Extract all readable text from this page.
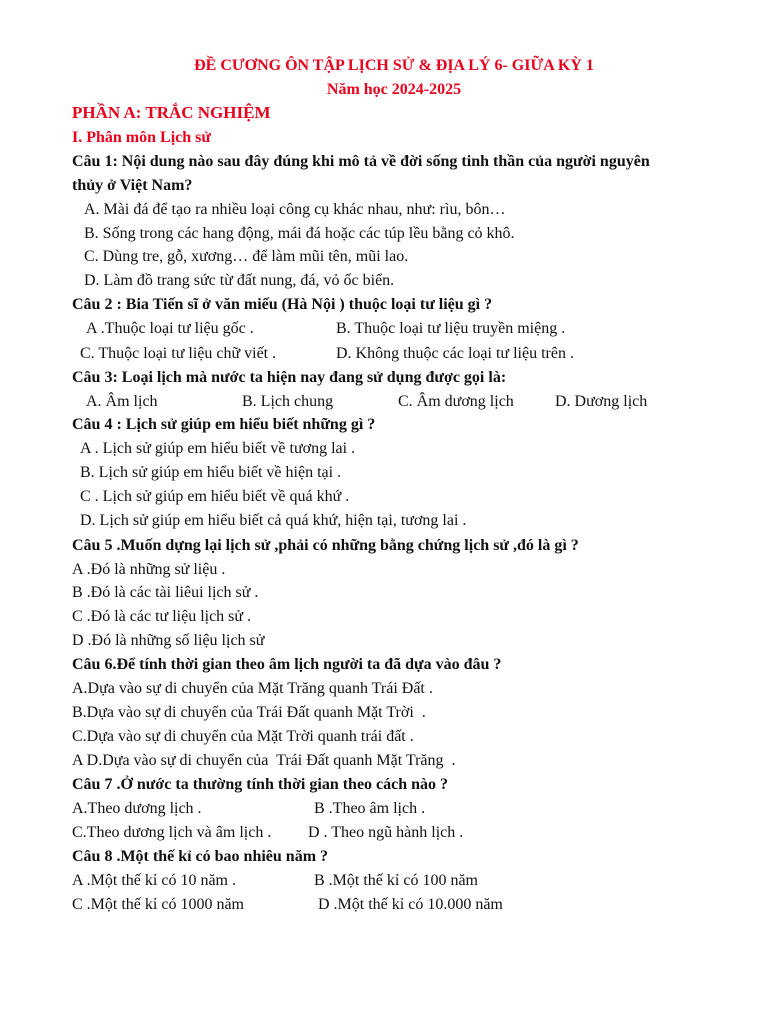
ĐỀ CƯƠNG ÔN TẬP LỊCH SỬ & ĐỊA LÝ 6- GIỮA KỲ 1
Năm học 2024-2025
PHẦN A: TRẮC NGHIỆM
I. Phân môn Lịch sử
Câu 1: Nội dung nào sau đây đúng khi mô tả về đời sống tinh thần của người nguyên
thủy ở Việt Nam?
A. Mài đá để tạo ra nhiều loại công cụ khác nhau, như: rìu, bôn…
B. Sống trong các hang động, mái đá hoặc các túp lều bằng cỏ khô.
C. Dùng tre, gỗ, xương… để làm mũi tên, mũi lao.
D. Làm đồ trang sức từ đất nung, đá, vỏ ốc biển.
Câu 2 : Bia Tiến sĩ ở văn miếu (Hà Nội ) thuộc loại tư liệu gì ?
A .Thuộc loại tư liệu gốc .	B. Thuộc loại tư liệu truyền miệng .
C. Thuộc loại tư liệu chữ viết .	D. Không thuộc các loại tư liệu trên .
Câu 3: Loại lịch mà nước ta hiện nay đang sử dụng được gọi là:
A. Âm lịch	B. Lịch chung	C. Âm dương lịch	D. Dương lịch
Câu 4 : Lịch sử giúp em hiểu biết những gì ?
A . Lịch sử giúp em hiểu biết về tương lai .
B. Lịch sử giúp em hiểu biết về hiện tại .
C . Lịch sử giúp em hiểu biết về quá khứ .
D. Lịch sử giúp em hiểu biết cả quá khứ, hiện tại, tương lai .
Câu 5 .Muốn dựng lại lịch sử ,phải có những bằng chứng lịch sử ,đó là gì ?
A .Đó là những sử liệu .
B .Đó là các tài liêui lịch sử .
C .Đó là các tư liệu lịch sử .
D .Đó là những số liệu lịch sử
Câu 6.Để tính thời gian theo âm lịch người ta đã dựa vào đâu ?
A.Dựa vào sự di chuyển của Mặt Trăng quanh Trái Đất .
B.Dựa vào sự di chuyển của Trái Đất quanh Mặt Trời  .
C.Dựa vào sự di chuyển của Mặt Trời quanh trái đất .
A D.Dựa vào sự di chuyển của  Trái Đất quanh Mặt Trăng  .
Câu 7 .Ở nước ta thường tính thời gian theo cách nào ?
A.Theo dương lịch .	B .Theo âm lịch .
C.Theo dương lịch và âm lịch . D . Theo ngũ hành lịch .
Câu 8 .Một thế kỉ có bao nhiêu năm ?
A .Một thế kỉ có 10 năm .	B .Một thế kỉ có 100 năm
C .Một thế kỉ có 1000 năm	D .Một thế kỉ có 10.000 năm
